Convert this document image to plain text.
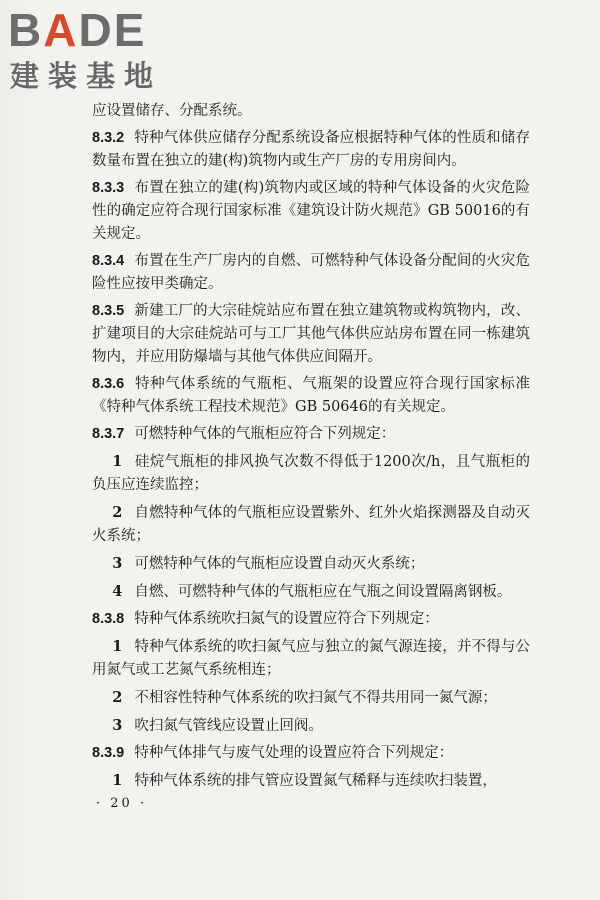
BADE
建装基地

应设置储存、分配系统。

8.3.2 特种气体供应储存分配系统设备应根据特种气体的性质和储存数量布置在独立的建(构)筑物内或生产厂房的专用房间内。

8.3.3 布置在独立的建(构)筑物内或区域的特种气体设备的火灾危险性的确定应符合现行国家标准《建筑设计防火规范》GB 50016的有关规定。

8.3.4 布置在生产厂房内的自燃、可燃特种气体设备分配间的火灾危险性应按甲类确定。

8.3.5 新建工厂的大宗硅烷站应布置在独立建筑物或构筑物内，改、扩建项目的大宗硅烷站可与工厂其他气体供应站房布置在同一栋建筑物内，并应用防爆墙与其他气体供应间隔开。

8.3.6 特种气体系统的气瓶柜、气瓶架的设置应符合现行国家标准《特种气体系统工程技术规范》GB 50646的有关规定。

8.3.7 可燃特种气体的气瓶柜应符合下列规定：

1 硅烷气瓶柜的排风换气次数不得低于1200次/h，且气瓶柜的负压应连续监控；

2 自燃特种气体的气瓶柜应设置紫外、红外火焰探测器及自动灭火系统；

3 可燃特种气体的气瓶柜应设置自动灭火系统；

4 自燃、可燃特种气体的气瓶柜应在气瓶之间设置隔离钢板。

8.3.8 特种气体系统吹扫氮气的设置应符合下列规定：

1 特种气体系统的吹扫氮气应与独立的氮气源连接，并不得与公用氮气或工艺氮气系统相连；

2 不相容性特种气体系统的吹扫氮气不得共用同一氮气源；

3 吹扫氮气管线应设置止回阀。

8.3.9 特种气体排气与废气处理的设置应符合下列规定：

1 特种气体系统的排气管应设置氮气稀释与连续吹扫装置，

· 20 ·
